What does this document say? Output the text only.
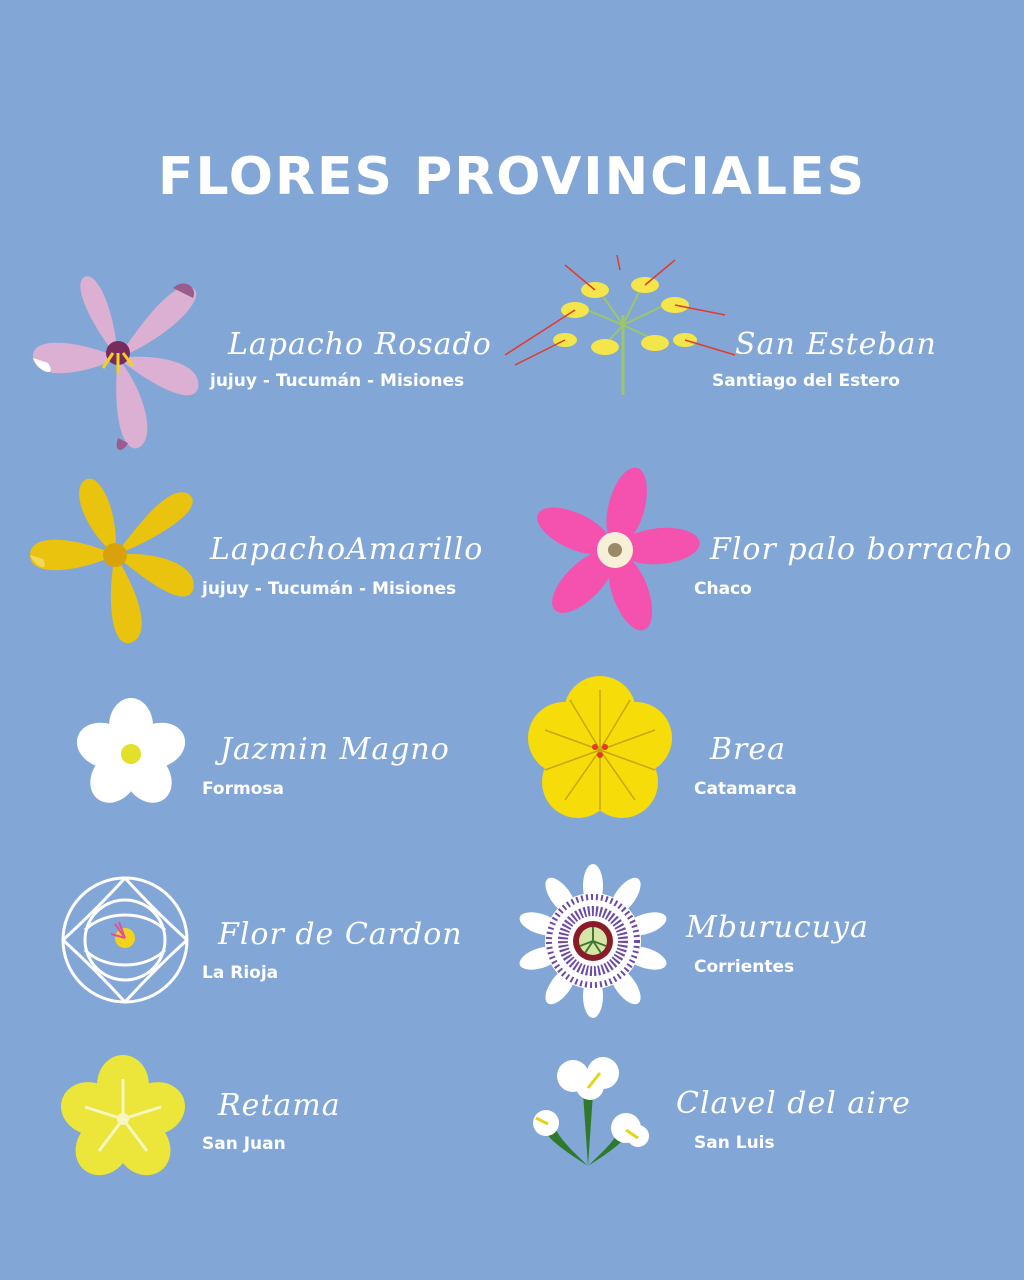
FLORES PROVINCIALES
Lapacho Rosado
jujuy - Tucumán - Misiones
San Esteban
Santiago del Estero
LapachoAmarillo
jujuy - Tucumán - Misiones
Flor palo borracho
Chaco
Jazmin Magno
Formosa
Brea
Catamarca
Flor de Cardon
La Rioja
Mburucuya
Corrientes
Retama
San Juan
Clavel del aire
San Luis
